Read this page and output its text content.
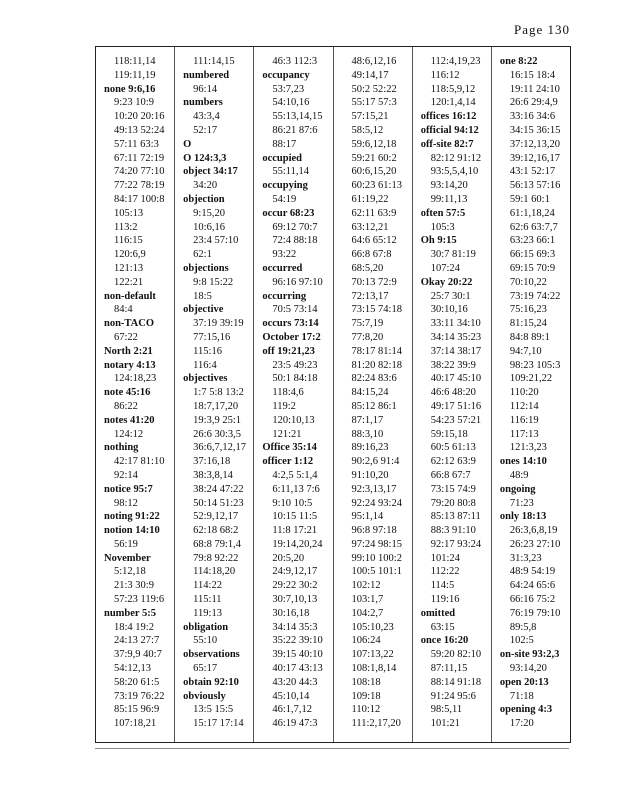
Page 130
118:11,14
119:11,19
none 9:6,16
9:23 10:9
10:20 20:16
49:13 52:24
57:11 63:3
67:11 72:19
74:20 77:10
77:22 78:19
84:17 100:8
105:13
113:2
116:15
120:6,9
121:13
122:21
non-default
84:4
non-TACO
67:22
North 2:21
notary 4:13
124:18,23
note 45:16
86:22
notes 41:20
124:12
nothing
42:17 81:10
92:14
notice 95:7
98:12
noting 91:22
notion 14:10
56:19
November
5:12,18
21:3 30:9
57:23 119:6
number 5:5
18:4 19:2
24:13 27:7
37:9,9 40:7
54:12,13
58:20 61:5
73:19 76:22
85:15 96:9
107:18,21
111:14,15
numbered
96:14
numbers
43:3,4
52:17
O
O 124:3,3
object 34:17
34:20
objection
9:15,20
10:6,16
23:4 57:10
62:1
objections
9:8 15:22
18:5
objective
37:19 39:19
77:15,16
115:16
116:4
objectives
1:7 5:8 13:2
18:7,17,20
19:3,9 25:1
26:6 30:3,5
36:6,7,12,17
37:16,18
38:3,8,14
38:24 47:22
50:14 51:23
52:9,12,17
62:18 68:2
68:8 79:1,4
79:8 92:22
114:18,20
114:22
115:11
119:13
obligation
55:10
observations
65:17
obtain 92:10
obviously
13:5 15:5
15:17 17:14
46:3 112:3
occupancy
53:7,23
54:10,16
55:13,14,15
86:21 87:6
88:17
occupied
55:11,14
occupying
54:19
occur 68:23
69:12 70:7
72:4 88:18
93:22
occurred
96:16 97:10
occurring
70:5 73:14
occurs 73:14
October 17:2
off 19:21,23
23:5 49:23
50:1 84:18
118:4,6
119:2
120:10,13
121:21
Office 35:14
officer 1:12
4:2,5 5:1,4
6:11,13 7:6
9:10 10:5
10:15 11:5
11:8 17:21
19:14,20,24
20:5,20
24:9,12,17
29:22 30:2
30:7,10,13
30:16,18
34:14 35:3
35:22 39:10
39:15 40:10
40:17 43:13
43:20 44:3
45:10,14
46:1,7,12
46:19 47:3
48:6,12,16
49:14,17
50:2 52:22
55:17 57:3
57:15,21
58:5,12
59:6,12,18
59:21 60:2
60:6,15,20
60:23 61:13
61:19,22
62:11 63:9
63:12,21
64:6 65:12
66:8 67:8
68:5,20
70:13 72:9
72:13,17
73:15 74:18
75:7,19
77:8,20
78:17 81:14
81:20 82:18
82:24 83:6
84:15,24
85:12 86:1
87:1,17
88:3,10
89:16,23
90:2,6 91:4
91:10,20
92:3,13,17
92:24 93:24
95:1,14
96:8 97:18
97:24 98:15
99:10 100:2
100:5 101:1
102:12
103:1,7
104:2,7
105:10,23
106:24
107:13,22
108:1,8,14
108:18
109:18
110:12
111:2,17,20
112:4,19,23
116:12
118:5,9,12
120:1,4,14
offices 16:12
official 94:12
off-site 82:7
82:12 91:12
93:5,5,4,10
93:14,20
99:11,13
often 57:5
105:3
Oh 9:15
30:7 81:19
107:24
Okay 20:22
25:7 30:1
30:10,16
33:11 34:10
34:14 35:23
37:14 38:17
38:22 39:9
40:17 45:10
46:6 48:20
49:17 51:16
54:23 57:21
59:15,18
60:5 61:13
62:12 63:9
66:8 67:7
73:15 74:9
79:20 80:8
85:13 87:11
88:3 91:10
92:17 93:24
101:24
112:22
114:5
119:16
omitted
63:15
once 16:20
59:20 82:10
87:11,15
88:14 91:18
91:24 95:6
98:5,11
101:21
one 8:22
16:15 18:4
19:11 24:10
26:6 29:4,9
33:16 34:6
34:15 36:15
37:12,13,20
39:12,16,17
43:1 52:17
56:13 57:16
59:1 60:1
61:1,18,24
62:6 63:7,7
63:23 66:1
66:15 69:3
69:15 70:9
70:10,22
73:19 74:22
75:16,23
81:15,24
84:8 89:1
94:7,10
98:23 105:3
109:21,22
110:20
112:14
116:19
117:13
121:3,23
ones 14:10
48:9
ongoing
71:23
only 18:13
26:3,6,8,19
26:23 27:10
31:3,23
48:9 54:19
64:24 65:6
66:16 75:2
76:19 79:10
89:5,8
102:5
on-site 93:2,3
93:14,20
open 20:13
71:18
opening 4:3
17:20
